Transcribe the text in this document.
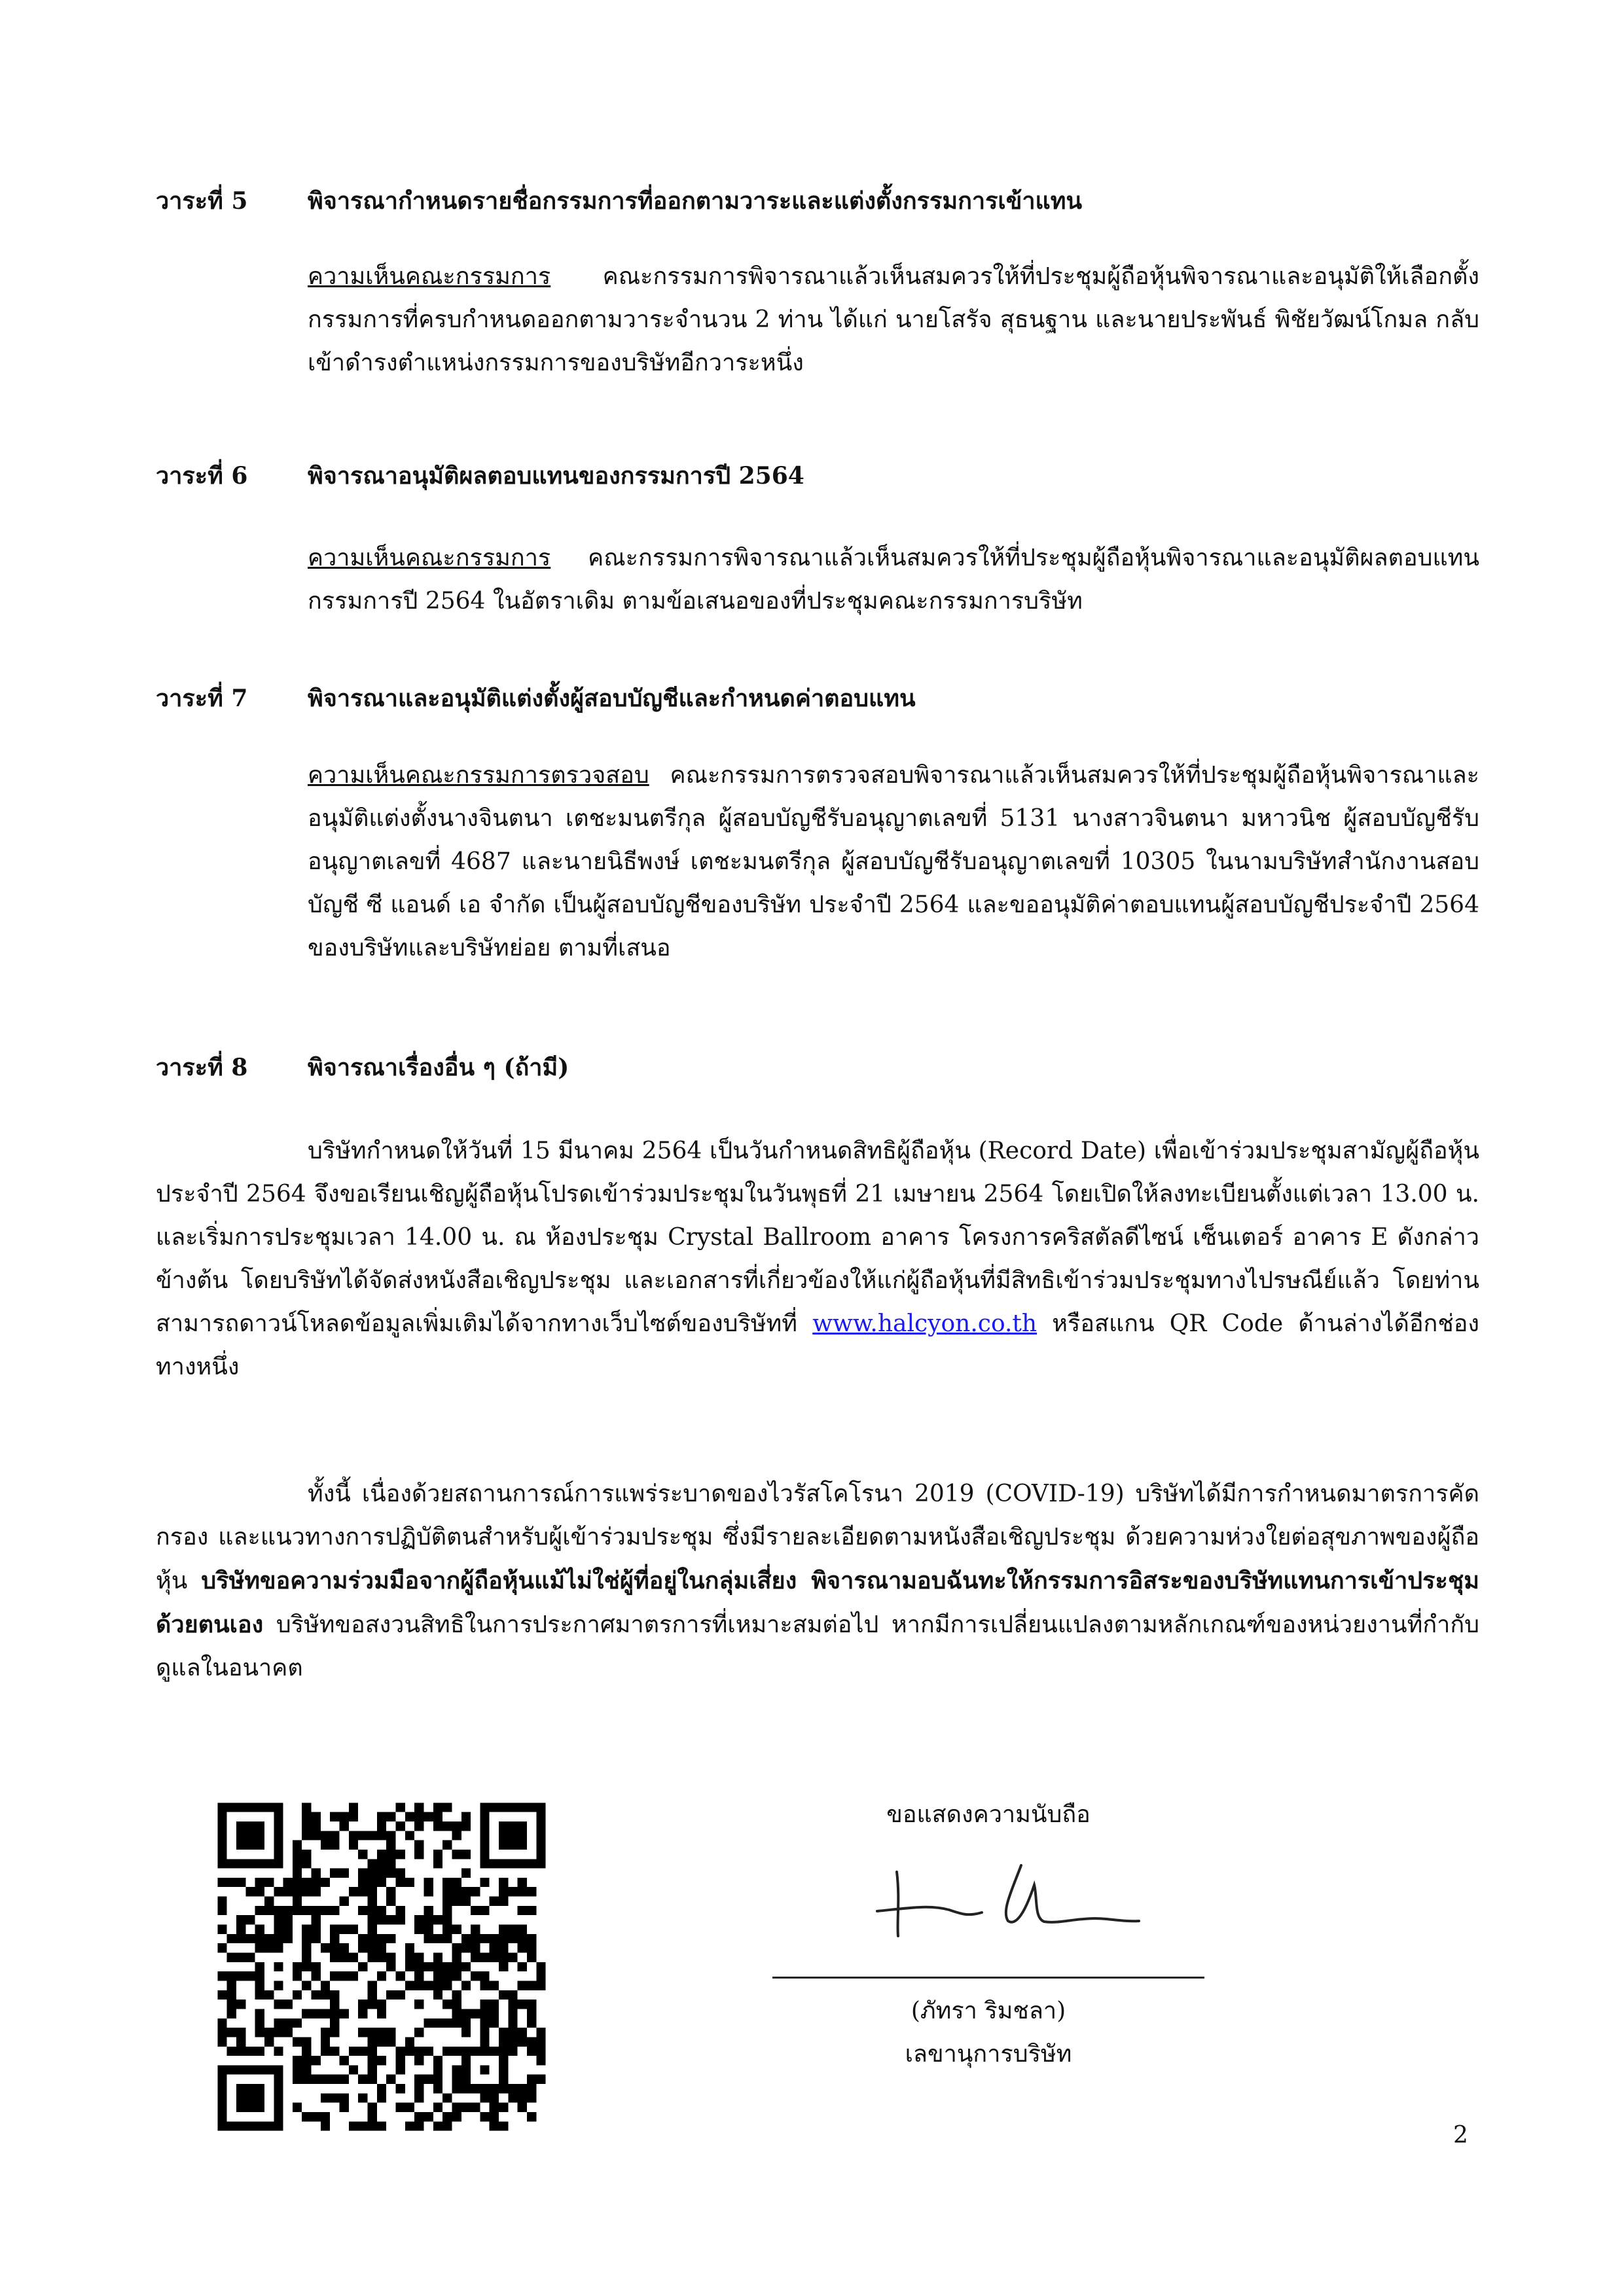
วาระที่ 5	พิจารณากำหนดรายชื่อกรรมการที่ออกตามวาระและแต่งตั้งกรรมการเข้าแทน
ความเห็นคณะกรรมการ คณะกรรมการพิจารณาแล้วเห็นสมควรให้ที่ประชุมผู้ถือหุ้นพิจารณาและอนุมัติให้เลือกตั้งกรรมการที่ครบกำหนดออกตามวาระจำนวน 2 ท่าน ได้แก่ นายโสรัจ สุธนฐาน และนายประพันธ์ พิชัยวัฒน์โกมล กลับเข้าดำรงตำแหน่งกรรมการของบริษัทอีกวาระหนึ่ง
วาระที่ 6	พิจารณาอนุมัติผลตอบแทนของกรรมการปี 2564
ความเห็นคณะกรรมการ คณะกรรมการพิจารณาแล้วเห็นสมควรให้ที่ประชุมผู้ถือหุ้นพิจารณาและอนุมัติผลตอบแทนกรรมการปี 2564 ในอัตราเดิม ตามข้อเสนอของที่ประชุมคณะกรรมการบริษัท
วาระที่ 7	พิจารณาและอนุมัติแต่งตั้งผู้สอบบัญชีและกำหนดค่าตอบแทน
ความเห็นคณะกรรมการตรวจสอบ คณะกรรมการตรวจสอบพิจารณาแล้วเห็นสมควรให้ที่ประชุมผู้ถือหุ้นพิจารณาและอนุมัติแต่งตั้งนางจินตนา เตชะมนตรีกุล ผู้สอบบัญชีรับอนุญาตเลขที่ 5131 นางสาวจินตนา มหาวนิช ผู้สอบบัญชีรับอนุญาตเลขที่ 4687 และนายนิธีพงษ์ เตชะมนตรีกุล ผู้สอบบัญชีรับอนุญาตเลขที่ 10305 ในนามบริษัทสำนักงานสอบบัญชี ซี แอนด์ เอ จำกัด เป็นผู้สอบบัญชีของบริษัท ประจำปี 2564 และขออนุมัติค่าตอบแทนผู้สอบบัญชีประจำปี 2564 ของบริษัทและบริษัทย่อย ตามที่เสนอ
วาระที่ 8	พิจารณาเรื่องอื่น ๆ (ถ้ามี)
บริษัทกำหนดให้วันที่ 15 มีนาคม 2564 เป็นวันกำหนดสิทธิผู้ถือหุ้น (Record Date) เพื่อเข้าร่วมประชุมสามัญผู้ถือหุ้น ประจำปี 2564 จึงขอเรียนเชิญผู้ถือหุ้นโปรดเข้าร่วมประชุมในวันพุธที่ 21 เมษายน 2564 โดยเปิดให้ลงทะเบียนตั้งแต่เวลา 13.00 น. และเริ่มการประชุมเวลา 14.00 น. ณ ห้องประชุม Crystal Ballroom อาคาร โครงการคริสตัลดีไซน์ เซ็นเตอร์ อาคาร E ดังกล่าวข้างต้น โดยบริษัทได้จัดส่งหนังสือเชิญประชุม และเอกสารที่เกี่ยวข้องให้แก่ผู้ถือหุ้นที่มีสิทธิเข้าร่วมประชุมทางไปรษณีย์แล้ว โดยท่านสามารถดาวน์โหลดข้อมูลเพิ่มเติมได้จากทางเว็บไซต์ของบริษัทที่ www.halcyon.co.th หรือสแกน QR Code ด้านล่างได้อีกช่องทางหนึ่ง
ทั้งนี้ เนื่องด้วยสถานการณ์การแพร่ระบาดของไวรัสโคโรนา 2019 (COVID-19) บริษัทได้มีการกำหนดมาตรการคัดกรอง และแนวทางการปฏิบัติตนสำหรับผู้เข้าร่วมประชุม ซึ่งมีรายละเอียดตามหนังสือเชิญประชุม ด้วยความห่วงใยต่อสุขภาพของผู้ถือหุ้น บริษัทขอความร่วมมือจากผู้ถือหุ้นแม้ไม่ใช่ผู้ที่อยู่ในกลุ่มเสี่ยง พิจารณามอบฉันทะให้กรรมการอิสระของบริษัทแทนการเข้าประชุมด้วยตนเอง บริษัทขอสงวนสิทธิในการประกาศมาตรการที่เหมาะสมต่อไป หากมีการเปลี่ยนแปลงตามหลักเกณฑ์ของหน่วยงานที่กำกับดูแลในอนาคต
ขอแสดงความนับถือ
(ภัทรา ริมชลา)
เลขานุการบริษัท
2
